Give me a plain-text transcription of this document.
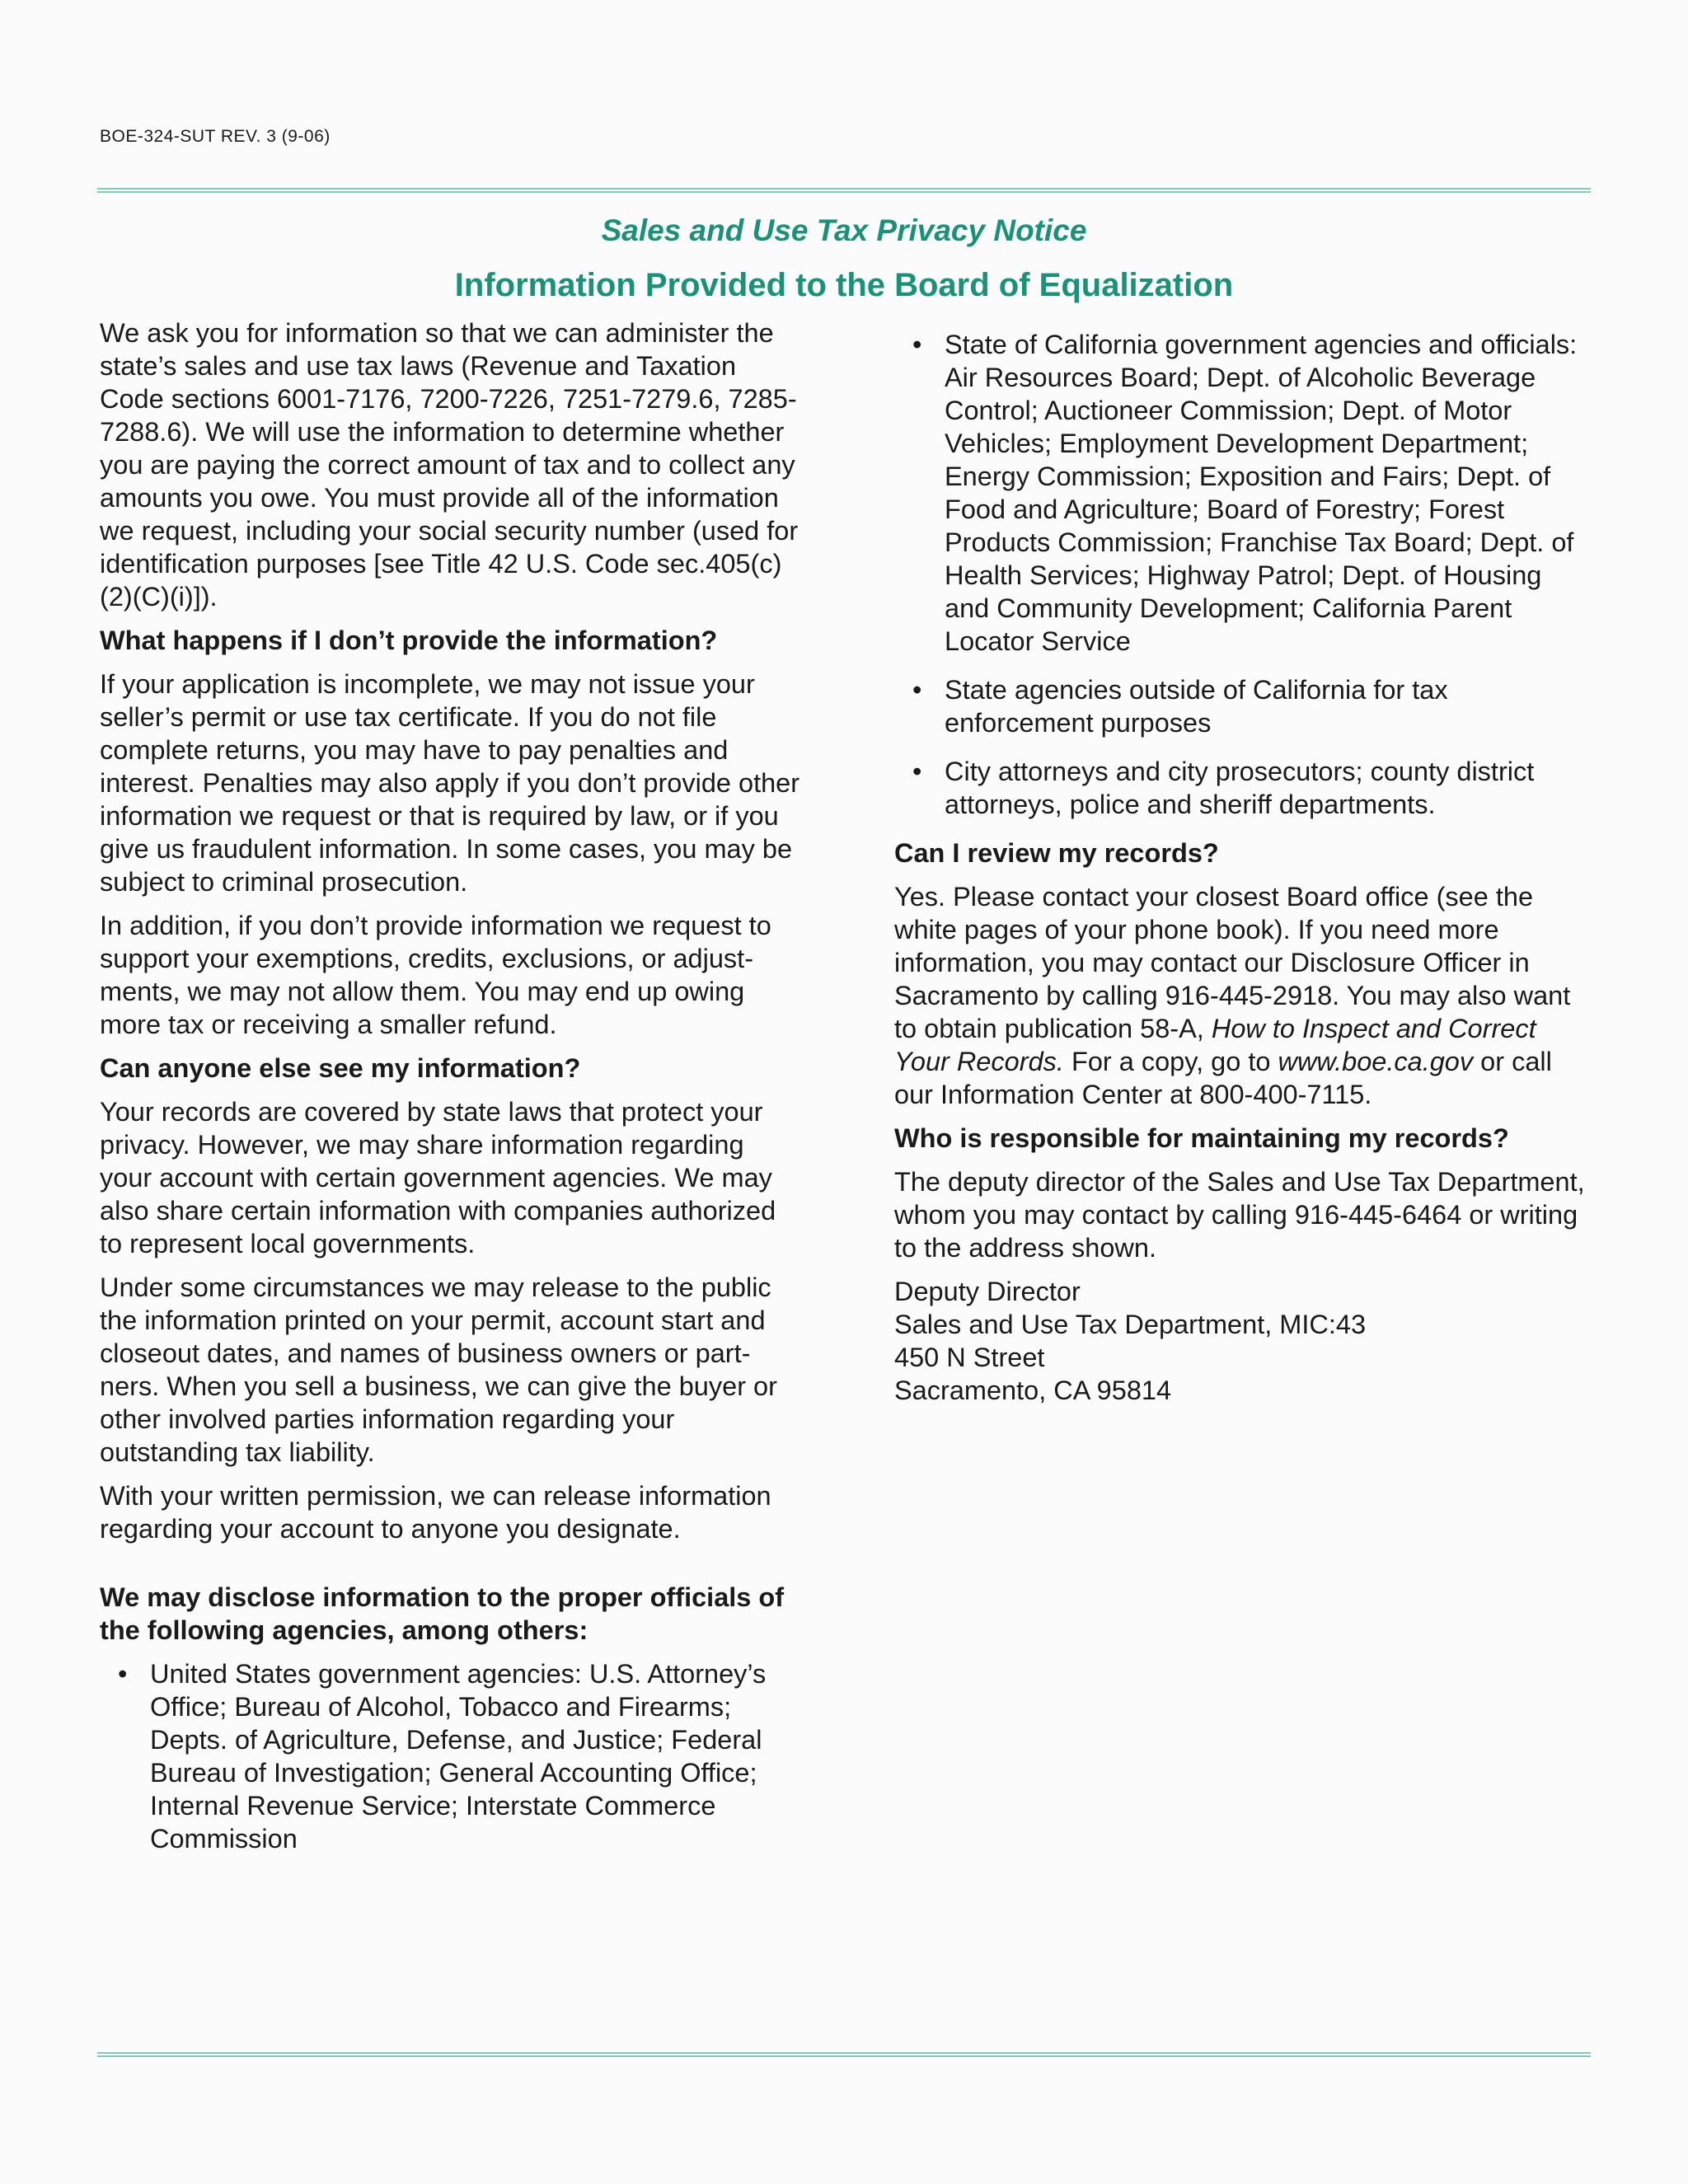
BOE-324-SUT REV. 3 (9-06)
Sales and Use Tax Privacy Notice
Information Provided to the Board of Equalization

We ask you for information so that we can administer the state’s sales and use tax laws (Revenue and Taxation Code sections 6001-7176, 7200-7226, 7251-7279.6, 7285-7288.6). We will use the information to determine whether you are paying the correct amount of tax and to collect any amounts you owe. You must provide all of the information we request, including your social security number (used for identification purposes [see Title 42 U.S. Code sec.405(c)(2)(C)(i)]).

What happens if I don’t provide the information?

If your application is incomplete, we may not issue your seller’s permit or use tax certificate. If you do not file complete returns, you may have to pay penalties and interest. Penalties may also apply if you don’t provide other information we request or that is required by law, or if you give us fraudulent information. In some cases, you may be subject to criminal prosecution.

In addition, if you don’t provide information we request to support your exemptions, credits, exclusions, or adjustments, we may not allow them. You may end up owing more tax or receiving a smaller refund.

Can anyone else see my information?

Your records are covered by state laws that protect your privacy. However, we may share information regarding your account with certain government agencies. We may also share certain information with companies authorized to represent local governments.

Under some circumstances we may release to the public the information printed on your permit, account start and closeout dates, and names of business owners or partners. When you sell a business, we can give the buyer or other involved parties information regarding your outstanding tax liability.

With your written permission, we can release information regarding your account to anyone you designate.

We may disclose information to the proper officials of the following agencies, among others:
• United States government agencies: U.S. Attorney’s Office; Bureau of Alcohol, Tobacco and Firearms; Depts. of Agriculture, Defense, and Justice; Federal Bureau of Investigation; General Accounting Office; Internal Revenue Service; Interstate Commerce Commission
• State of California government agencies and officials: Air Resources Board; Dept. of Alcoholic Beverage Control; Auctioneer Commission; Dept. of Motor Vehicles; Employment Development Department; Energy Commission; Exposition and Fairs; Dept. of Food and Agriculture; Board of Forestry; Forest Products Commission; Franchise Tax Board; Dept. of Health Services; Highway Patrol; Dept. of Housing and Community Development; California Parent Locator Service
• State agencies outside of California for tax enforcement purposes
• City attorneys and city prosecutors; county district attorneys, police and sheriff departments.
Can I review my records?

Yes. Please contact your closest Board office (see the white pages of your phone book). If you need more information, you may contact our Disclosure Officer in Sacramento by calling 916-445-2918. You may also want to obtain publication 58-A, How to Inspect and Correct Your Records. For a copy, go to www.boe.ca.gov or call our Information Center at 800-400-7115.

Who is responsible for maintaining my records?

The deputy director of the Sales and Use Tax Department, whom you may contact by calling 916-445-6464 or writing to the address shown.

Deputy Director
Sales and Use Tax Department, MIC:43
450 N Street
Sacramento, CA 95814
